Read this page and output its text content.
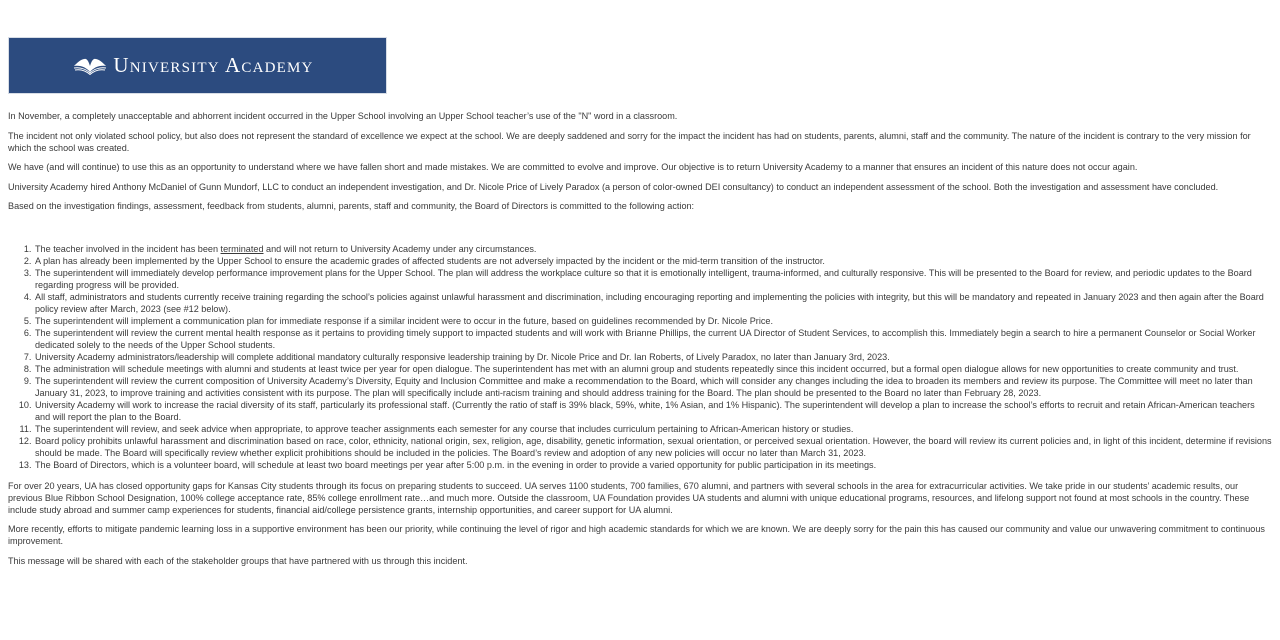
University Academy

In November, a completely unacceptable and abhorrent incident occurred in the Upper School involving an Upper School teacher’s use of the "N" word in a classroom.

The incident not only violated school policy, but also does not represent the standard of excellence we expect at the school. We are deeply saddened and sorry for the impact the incident has had on students, parents, alumni, staff and the community. The nature of the incident is contrary to the very mission for which the school was created.

We have (and will continue) to use this as an opportunity to understand where we have fallen short and made mistakes. We are committed to evolve and improve. Our objective is to return University Academy to a manner that ensures an incident of this nature does not occur again.

University Academy hired Anthony McDaniel of Gunn Mundorf, LLC to conduct an independent investigation, and Dr. Nicole Price of Lively Paradox (a person of color-owned DEI consultancy) to conduct an independent assessment of the school. Both the investigation and assessment have concluded.

Based on the investigation findings, assessment, feedback from students, alumni, parents, staff and community, the Board of Directors is committed to the following action:

1. The teacher involved in the incident has been terminated and will not return to University Academy under any circumstances.
2. A plan has already been implemented by the Upper School to ensure the academic grades of affected students are not adversely impacted by the incident or the mid-term transition of the instructor.
3. The superintendent will immediately develop performance improvement plans for the Upper School. The plan will address the workplace culture so that it is emotionally intelligent, trauma-informed, and culturally responsive. This will be presented to the Board for review, and periodic updates to the Board regarding progress will be provided.
4. All staff, administrators and students currently receive training regarding the school’s policies against unlawful harassment and discrimination, including encouraging reporting and implementing the policies with integrity, but this will be mandatory and repeated in January 2023 and then again after the Board policy review after March, 2023 (see #12 below).
5. The superintendent will implement a communication plan for immediate response if a similar incident were to occur in the future, based on guidelines recommended by Dr. Nicole Price.
6. The superintendent will review the current mental health response as it pertains to providing timely support to impacted students and will work with Brianne Phillips, the current UA Director of Student Services, to accomplish this. Immediately begin a search to hire a permanent Counselor or Social Worker dedicated solely to the needs of the Upper School students.
7. University Academy administrators/leadership will complete additional mandatory culturally responsive leadership training by Dr. Nicole Price and Dr. Ian Roberts, of Lively Paradox, no later than January 3rd, 2023.
8. The administration will schedule meetings with alumni and students at least twice per year for open dialogue. The superintendent has met with an alumni group and students repeatedly since this incident occurred, but a formal open dialogue allows for new opportunities to create community and trust.
9. The superintendent will review the current composition of University Academy’s Diversity, Equity and Inclusion Committee and make a recommendation to the Board, which will consider any changes including the idea to broaden its members and review its purpose. The Committee will meet no later than January 31, 2023, to improve training and activities consistent with its purpose. The plan will specifically include anti-racism training and should address training for the Board. The plan should be presented to the Board no later than February 28, 2023.
10. University Academy will work to increase the racial diversity of its staff, particularly its professional staff. (Currently the ratio of staff is 39% black, 59%, white, 1% Asian, and 1% Hispanic). The superintendent will develop a plan to increase the school’s efforts to recruit and retain African-American teachers and will report the plan to the Board.
11. The superintendent will review, and seek advice when appropriate, to approve teacher assignments each semester for any course that includes curriculum pertaining to African-American history or studies.
12. Board policy prohibits unlawful harassment and discrimination based on race, color, ethnicity, national origin, sex, religion, age, disability, genetic information, sexual orientation, or perceived sexual orientation. However, the board will review its current policies and, in light of this incident, determine if revisions should be made. The Board will specifically review whether explicit prohibitions should be included in the policies. The Board’s review and adoption of any new policies will occur no later than March 31, 2023.
13. The Board of Directors, which is a volunteer board, will schedule at least two board meetings per year after 5:00 p.m. in the evening in order to provide a varied opportunity for public participation in its meetings.

For over 20 years, UA has closed opportunity gaps for Kansas City students through its focus on preparing students to succeed. UA serves 1100 students, 700 families, 670 alumni, and partners with several schools in the area for extracurricular activities. We take pride in our students’ academic results, our previous Blue Ribbon School Designation, 100% college acceptance rate, 85% college enrollment rate…and much more. Outside the classroom, UA Foundation provides UA students and alumni with unique educational programs, resources, and lifelong support not found at most schools in the country. These include study abroad and summer camp experiences for students, financial aid/college persistence grants, internship opportunities, and career support for UA alumni.

More recently, efforts to mitigate pandemic learning loss in a supportive environment has been our priority, while continuing the level of rigor and high academic standards for which we are known. We are deeply sorry for the pain this has caused our community and value our unwavering commitment to continuous improvement.

This message will be shared with each of the stakeholder groups that have partnered with us through this incident.
